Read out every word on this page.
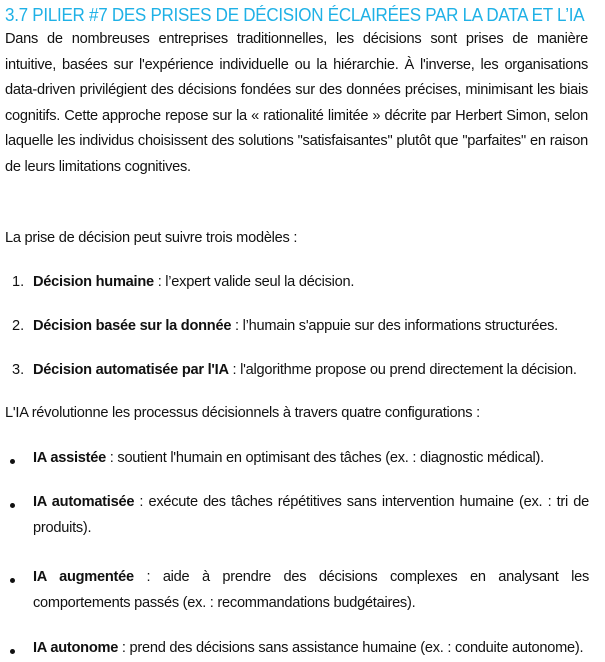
3.7 PILIER #7 DES PRISES DE DÉCISION ÉCLAIRÉES PAR LA DATA ET L’IA

Dans de nombreuses entreprises traditionnelles, les décisions sont prises de manière intuitive, basées sur l'expérience individuelle ou la hiérarchie. À l'inverse, les organisations data-driven privilégient des décisions fondées sur des données précises, minimisant les biais cognitifs. Cette approche repose sur la « rationalité limitée » décrite par Herbert Simon, selon laquelle les individus choisissent des solutions "satisfaisantes" plutôt que "parfaites" en raison de leurs limitations cognitives.

La prise de décision peut suivre trois modèles :
1. Décision humaine : l’expert valide seul la décision.
2. Décision basée sur la donnée : l’humain s'appuie sur des informations structurées.
3. Décision automatisée par l'IA : l'algorithme propose ou prend directement la décision.
L'IA révolutionne les processus décisionnels à travers quatre configurations :
IA assistée : soutient l'humain en optimisant des tâches (ex. : diagnostic médical).
IA automatisée : exécute des tâches répétitives sans intervention humaine (ex. : tri de produits).
IA augmentée : aide à prendre des décisions complexes en analysant les comportements passés (ex. : recommandations budgétaires).
IA autonome : prend des décisions sans assistance humaine (ex. : conduite autonome).
